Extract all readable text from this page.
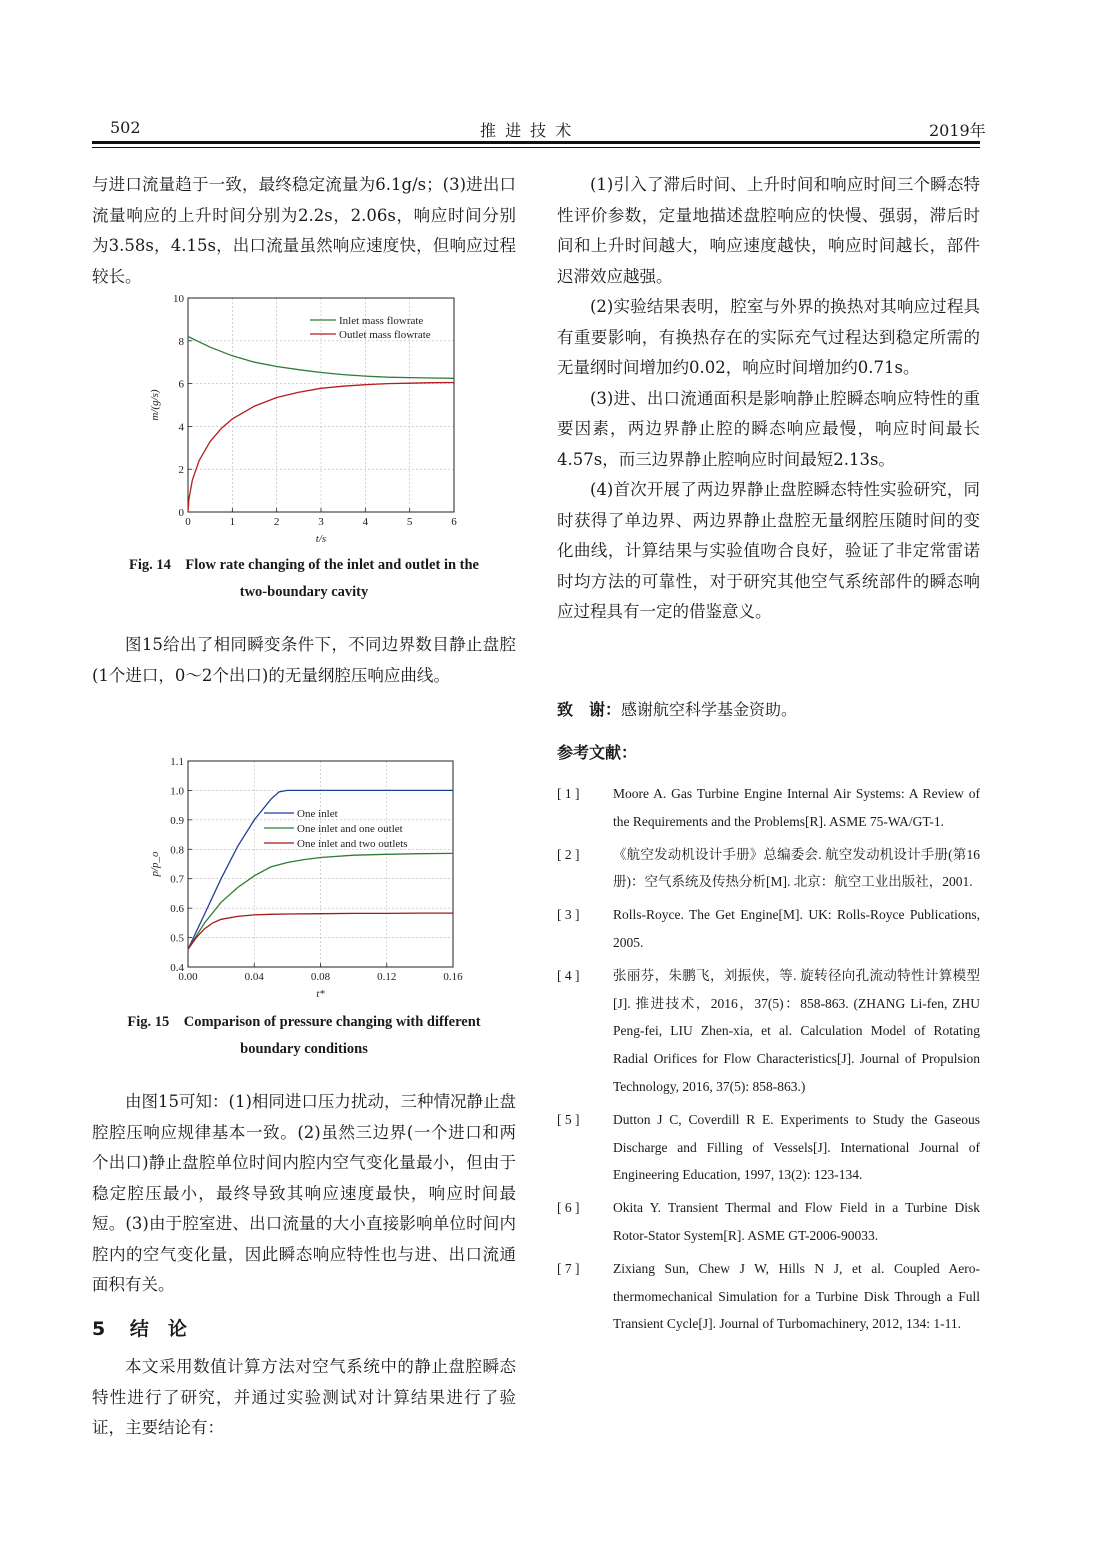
502	推 进 技 术	2019年

与进口流量趋于一致，最终稳定流量为6.1g/s；(3)进出口流量响应的上升时间分别为2.2s，2.06s，响应时间分别为3.58s，4.15s，出口流量虽然响应速度快，但响应过程较长。

0	1	2	3	4	5	6
0
2
4
6
8
10
t/s
m/(g/s)
Inlet mass flowrate
Outlet mass flowrate
Fig. 14　Flow rate changing of the inlet and outlet in the
two-boundary cavity

图15给出了相同瞬变条件下，不同边界数目静止盘腔(1个进口，0～2个出口)的无量纲腔压响应曲线。

0.00	0.04	0.08	0.12	0.16
0.4
0.5
0.6
0.7
0.8
0.9
1.0
1.1
t*
p/p_o
One inlet
One inlet and one outlet
One inlet and two outlets
Fig. 15　Comparison of pressure changing with different
boundary conditions

由图15可知：(1)相同进口压力扰动，三种情况静止盘腔腔压响应规律基本一致。(2)虽然三边界(一个进口和两个出口)静止盘腔单位时间内腔内空气变化量最小，但由于稳定腔压最小，最终导致其响应速度最快，响应时间最短。(3)由于腔室进、出口流量的大小直接影响单位时间内腔内的空气变化量，因此瞬态响应特性也与进、出口流通面积有关。

5 结　论

本文采用数值计算方法对空气系统中的静止盘腔瞬态特性进行了研究，并通过实验测试对计算结果进行了验证，主要结论有：

(1)引入了滞后时间、上升时间和响应时间三个瞬态特性评价参数，定量地描述盘腔响应的快慢、强弱，滞后时间和上升时间越大，响应速度越快，响应时间越长，部件迟滞效应越强。

(2)实验结果表明，腔室与外界的换热对其响应过程具有重要影响，有换热存在的实际充气过程达到稳定所需的无量纲时间增加约0.02，响应时间增加约0.71s。

(3)进、出口流通面积是影响静止腔瞬态响应特性的重要因素，两边界静止腔的瞬态响应最慢，响应时间最长4.57s，而三边界静止腔响应时间最短2.13s。

(4)首次开展了两边界静止盘腔瞬态特性实验研究，同时获得了单边界、两边界静止盘腔无量纲腔压随时间的变化曲线，计算结果与实验值吻合良好，验证了非定常雷诺时均方法的可靠性，对于研究其他空气系统部件的瞬态响应过程具有一定的借鉴意义。

致　谢：感谢航空科学基金资助。
参考文献：
[ 1 ] Moore A. Gas Turbine Engine Internal Air Systems: A Review of the Requirements and the Problems[R]. ASME 75-WA/GT-1.
[ 2 ] 《航空发动机设计手册》总编委会. 航空发动机设计手册(第16册)：空气系统及传热分析[M]. 北京：航空工业出版社，2001.
[ 3 ] Rolls-Royce. The Get Engine[M]. UK: Rolls-Royce Publications, 2005.
[ 4 ] 张丽芬，朱鹏飞，刘振侠，等. 旋转径向孔流动特性计算模型[J]. 推进技术，2016，37(5)：858-863. (ZHANG Li-fen, ZHU Peng-fei, LIU Zhen-xia, et al. Calculation Model of Rotating Radial Orifices for Flow Characteristics[J]. Journal of Propulsion Technology, 2016, 37(5): 858-863.)
[ 5 ] Dutton J C, Coverdill R E. Experiments to Study the Gaseous Discharge and Filling of Vessels[J]. International Journal of Engineering Education, 1997, 13(2): 123-134.
[ 6 ] Okita Y. Transient Thermal and Flow Field in a Turbine Disk Rotor-Stator System[R]. ASME GT-2006-90033.
[ 7 ] Zixiang Sun, Chew J W, Hills N J, et al. Coupled Aero-thermomechanical Simulation for a Turbine Disk Through a Full Transient Cycle[J]. Journal of Turbomachinery, 2012, 134: 1-11.
